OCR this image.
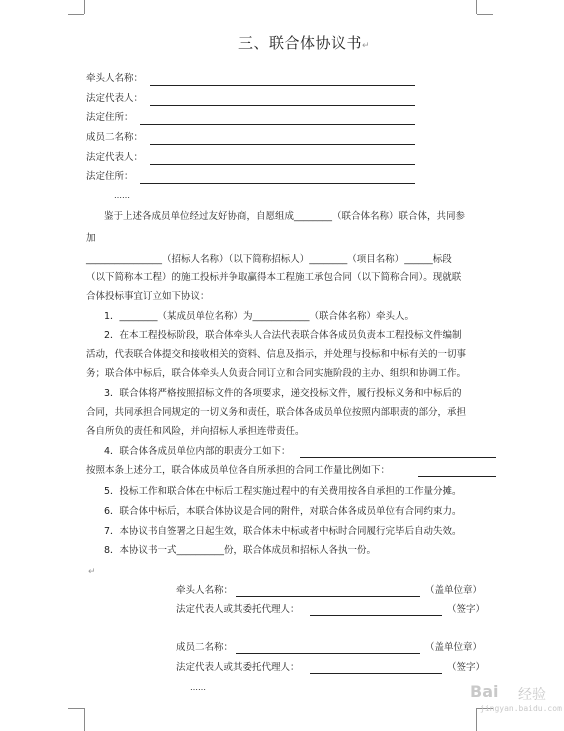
三、联合体协议书↵
牵头人名称：
法定代表人：
法定住所：
成员二名称：
法定代表人：
法定住所：
……
鉴于上述各成员单位经过友好协商，自愿组成________（联合体名称）联合体，共同参
加
________________（招标人名称）（以下简称招标人）________（项目名称）______标段
（以下简称本工程）的施工投标并争取赢得本工程施工承包合同（以下简称合同）。现就联
合体投标事宜订立如下协议：
1．________（某成员单位名称）为____________（联合体名称）牵头人。
2．在本工程投标阶段，联合体牵头人合法代表联合体各成员负责本工程投标文件编制
活动，代表联合体提交和接收相关的资料、信息及指示，并处理与投标和中标有关的一切事
务；联合体中标后，联合体牵头人负责合同订立和合同实施阶段的主办、组织和协调工作。
3．联合体将严格按照招标文件的各项要求，递交投标文件，履行投标义务和中标后的
合同，共同承担合同规定的一切义务和责任，联合体各成员单位按照内部职责的部分，承担
各自所负的责任和风险，并向招标人承担连带责任。
4．联合体各成员单位内部的职责分工如下：
按照本条上述分工，联合体成员单位各自所承担的合同工作量比例如下：
5．投标工作和联合体在中标后工程实施过程中的有关费用按各自承担的工作量分摊。
6．联合体中标后，本联合体协议是合同的附件，对联合体各成员单位有合同约束力。
7．本协议书自签署之日起生效，联合体未中标或者中标时合同履行完毕后自动失效。
8．本协议书一式__________份，联合体成员和招标人各执一份。
↵
牵头人名称：	（盖单位章）
法定代表人或其委托代理人：	（签字）
成员二名称：	（盖单位章）
法定代表人或其委托代理人：	（签字）
……	Bai 经验
jingyan.baidu.com
